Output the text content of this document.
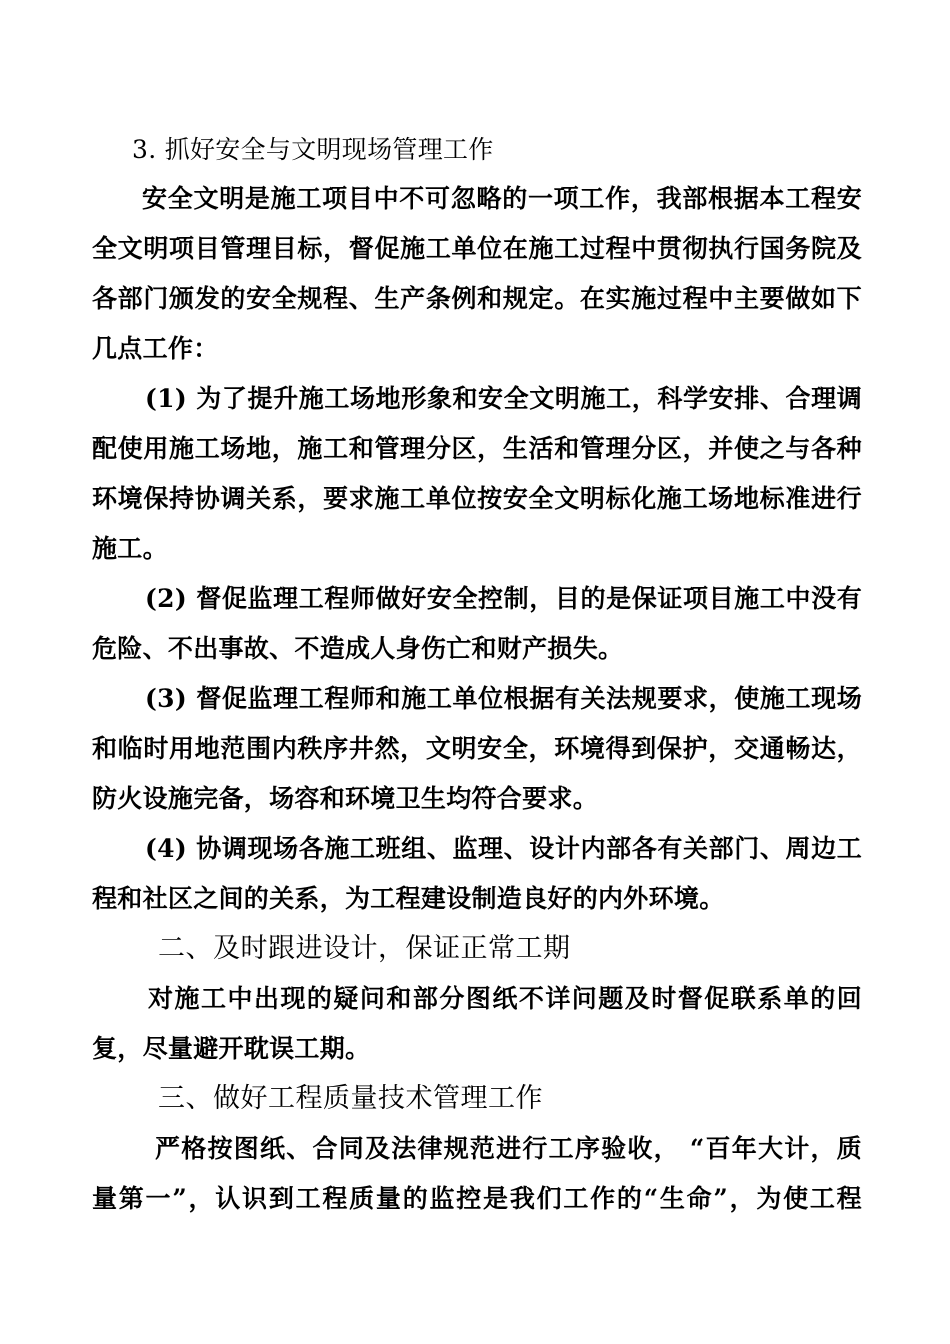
3. 抓好安全与文明现场管理工作
安全文明是施工项目中不可忽略的一项工作，我部根据本工程安
全文明项目管理目标，督促施工单位在施工过程中贯彻执行国务院及
各部门颁发的安全规程、生产条例和规定。在实施过程中主要做如下
几点工作：
(1) 为了提升施工场地形象和安全文明施工，科学安排、合理调
配使用施工场地，施工和管理分区，生活和管理分区，并使之与各种
环境保持协调关系，要求施工单位按安全文明标化施工场地标准进行
施工。
(2) 督促监理工程师做好安全控制，目的是保证项目施工中没有
危险、不出事故、不造成人身伤亡和财产损失。
(3) 督促监理工程师和施工单位根据有关法规要求，使施工现场
和临时用地范围内秩序井然，文明安全，环境得到保护，交通畅达，
防火设施完备，场容和环境卫生均符合要求。
(4) 协调现场各施工班组、监理、设计内部各有关部门、周边工
程和社区之间的关系，为工程建设制造良好的内外环境。
二、及时跟进设计，保证正常工期
对施工中出现的疑问和部分图纸不详问题及时督促联系单的回
复，尽量避开耽误工期。
三、做好工程质量技术管理工作
严格按图纸、合同及法律规范进行工序验收， “百年大计，质
量第一”，认识到工程质量的监控是我们工作的“生命”，为使工程
